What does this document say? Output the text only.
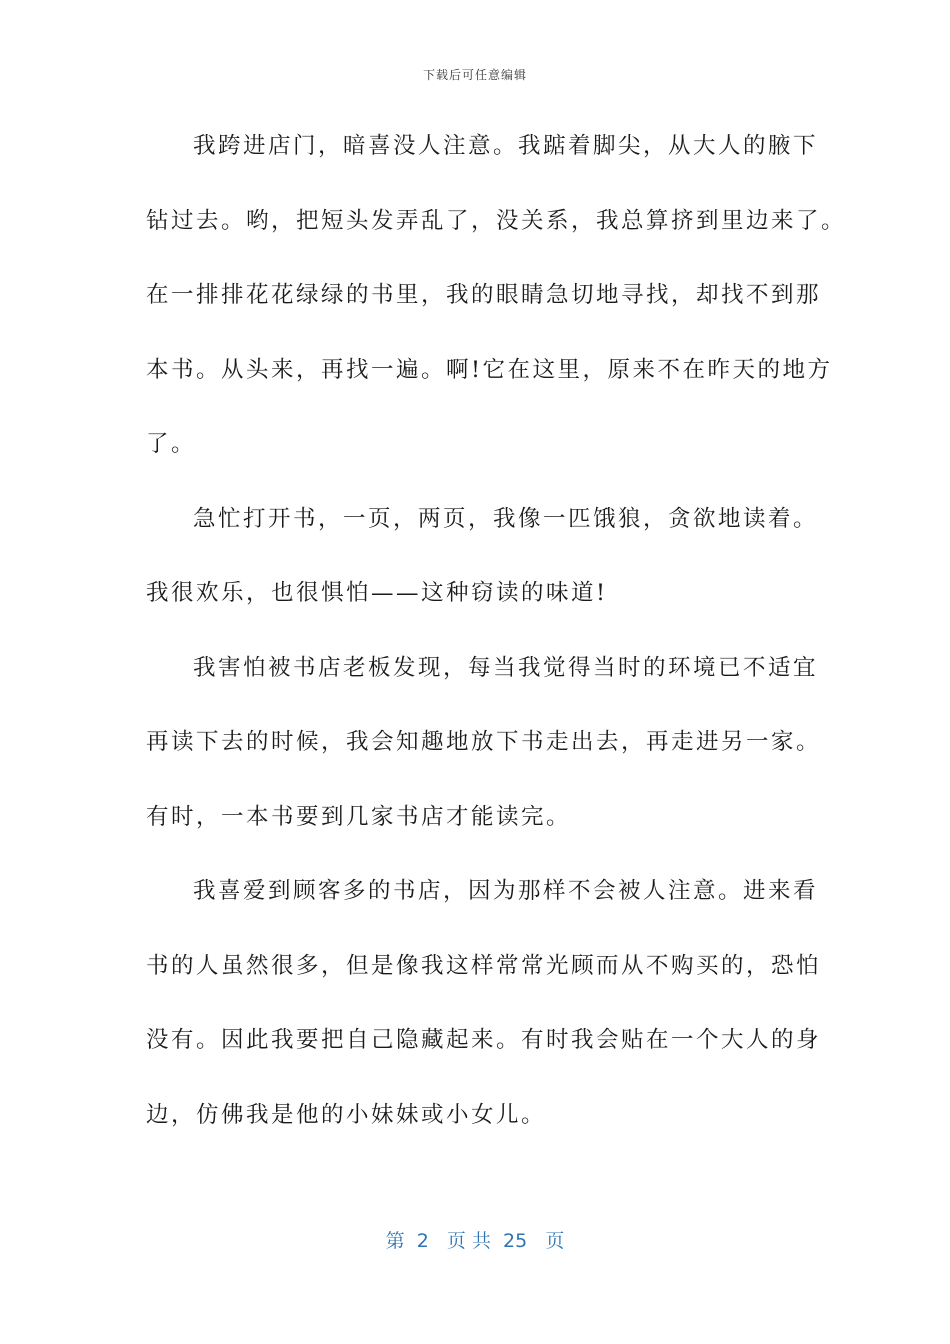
下载后可任意编辑
我跨进店门，暗喜没人注意。我踮着脚尖，从大人的腋下
钻过去。哟，把短头发弄乱了，没关系，我总算挤到里边来了。
在一排排花花绿绿的书里，我的眼睛急切地寻找，却找不到那
本书。从头来，再找一遍。啊!它在这里，原来不在昨天的地方
了。
急忙打开书，一页，两页，我像一匹饿狼，贪欲地读着。
我很欢乐，也很惧怕——这种窃读的味道!
我害怕被书店老板发现，每当我觉得当时的环境已不适宜
再读下去的时候，我会知趣地放下书走出去，再走进另一家。
有时，一本书要到几家书店才能读完。
我喜爱到顾客多的书店，因为那样不会被人注意。进来看
书的人虽然很多，但是像我这样常常光顾而从不购买的，恐怕
没有。因此我要把自己隐藏起来。有时我会贴在一个大人的身
边，仿佛我是他的小妹妹或小女儿。
第  2   页 共  25   页
